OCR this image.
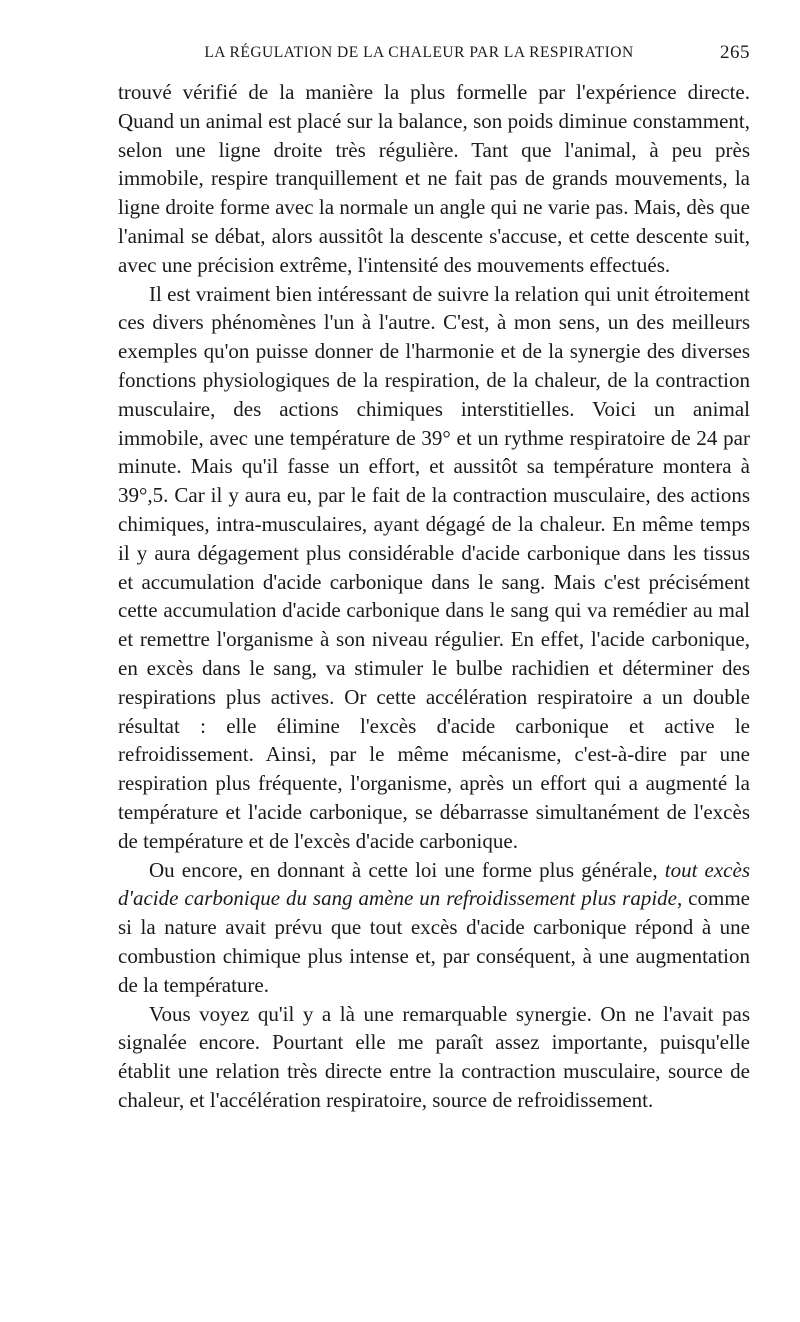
LA RÉGULATION DE LA CHALEUR PAR LA RESPIRATION	265

trouvé vérifié de la manière la plus formelle par l'expérience directe. Quand un animal est placé sur la balance, son poids diminue constamment, selon une ligne droite très régulière. Tant que l'animal, à peu près immobile, respire tranquillement et ne fait pas de grands mouvements, la ligne droite forme avec la normale un angle qui ne varie pas. Mais, dès que l'animal se débat, alors aussitôt la descente s'accuse, et cette descente suit, avec une précision extrême, l'intensité des mouvements effectués.

Il est vraiment bien intéressant de suivre la relation qui unit étroitement ces divers phénomènes l'un à l'autre. C'est, à mon sens, un des meilleurs exemples qu'on puisse donner de l'harmonie et de la synergie des diverses fonctions physiologiques de la respiration, de la chaleur, de la contraction musculaire, des actions chimiques interstitielles. Voici un animal immobile, avec une température de 39° et un rythme respiratoire de 24 par minute. Mais qu'il fasse un effort, et aussitôt sa température montera à 39°,5. Car il y aura eu, par le fait de la contraction musculaire, des actions chimiques, intra-musculaires, ayant dégagé de la chaleur. En même temps il y aura dégagement plus considérable d'acide carbonique dans les tissus et accumulation d'acide carbonique dans le sang. Mais c'est précisément cette accumulation d'acide carbonique dans le sang qui va remédier au mal et remettre l'organisme à son niveau régulier. En effet, l'acide carbonique, en excès dans le sang, va stimuler le bulbe rachidien et déterminer des respirations plus actives. Or cette accélération respiratoire a un double résultat : elle élimine l'excès d'acide carbonique et active le refroidissement. Ainsi, par le même mécanisme, c'est-à-dire par une respiration plus fréquente, l'organisme, après un effort qui a augmenté la température et l'acide carbonique, se débarrasse simultanément de l'excès de température et de l'excès d'acide carbonique.

Ou encore, en donnant à cette loi une forme plus générale, tout excès d'acide carbonique du sang amène un refroidissement plus rapide, comme si la nature avait prévu que tout excès d'acide carbonique répond à une combustion chimique plus intense et, par conséquent, à une augmentation de la température.

Vous voyez qu'il y a là une remarquable synergie. On ne l'avait pas signalée encore. Pourtant elle me paraît assez importante, puisqu'elle établit une relation très directe entre la contraction musculaire, source de chaleur, et l'accélération respiratoire, source de refroidissement.
